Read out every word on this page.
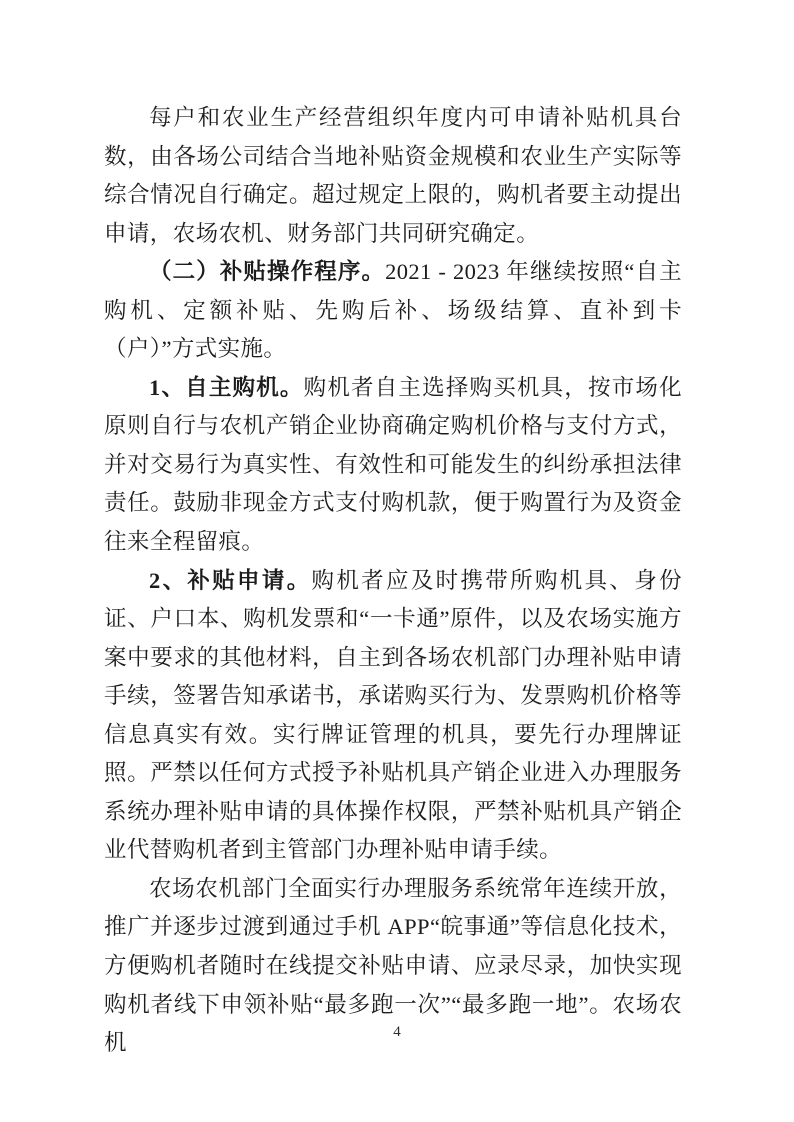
每户和农业生产经营组织年度内可申请补贴机具台数，由各场公司结合当地补贴资金规模和农业生产实际等综合情况自行确定。超过规定上限的，购机者要主动提出申请，农场农机、财务部门共同研究确定。

（二）补贴操作程序。2021 - 2023 年继续按照“自主购机、定额补贴、先购后补、场级结算、直补到卡（户）”方式实施。

1、自主购机。购机者自主选择购买机具，按市场化原则自行与农机产销企业协商确定购机价格与支付方式，并对交易行为真实性、有效性和可能发生的纠纷承担法律责任。鼓励非现金方式支付购机款，便于购置行为及资金往来全程留痕。

2、补贴申请。购机者应及时携带所购机具、身份证、户口本、购机发票和“一卡通”原件，以及农场实施方案中要求的其他材料，自主到各场农机部门办理补贴申请手续，签署告知承诺书，承诺购买行为、发票购机价格等信息真实有效。实行牌证管理的机具，要先行办理牌证照。严禁以任何方式授予补贴机具产销企业进入办理服务系统办理补贴申请的具体操作权限，严禁补贴机具产销企业代替购机者到主管部门办理补贴申请手续。

农场农机部门全面实行办理服务系统常年连续开放，推广并逐步过渡到通过手机 APP“皖事通”等信息化技术，方便购机者随时在线提交补贴申请、应录尽录，加快实现购机者线下申领补贴“最多跑一次”“最多跑一地”。农场农机	4
